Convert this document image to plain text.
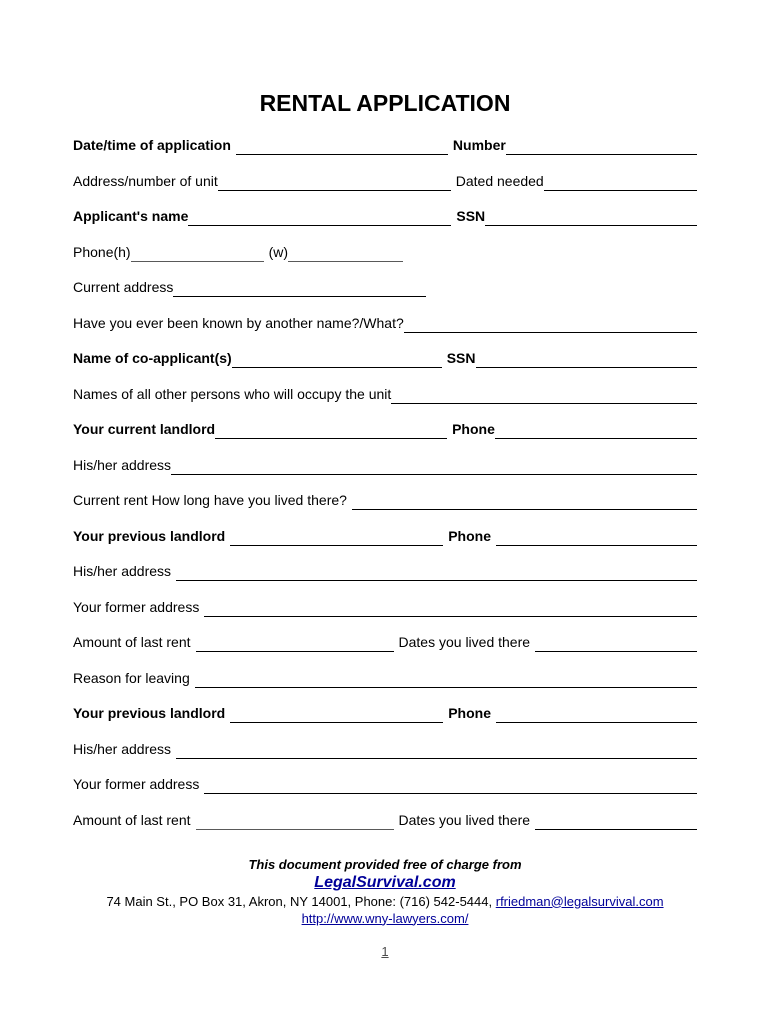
RENTAL APPLICATION
Date/time of application	Number
Address/number of unit	Dated needed
Applicant's name	SSN
Phone(h)	(w)
Current address
Have you ever been known by another name?/What?
Name of co-applicant(s)	SSN
Names of all other persons who will occupy the unit
Your current landlord	Phone
His/her address
Current rent How long have you lived there?
Your previous landlord	Phone
His/her address
Your former address
Amount of last rent	Dates you lived there
Reason for leaving
Your previous landlord	Phone
His/her address
Your former address
Amount of last rent	Dates you lived there
This document provided free of charge from
LegalSurvival.com
74 Main St., PO Box 31, Akron, NY 14001, Phone: (716) 542-5444, rfriedman@legalsurvival.com
http://www.wny-lawyers.com/
1
